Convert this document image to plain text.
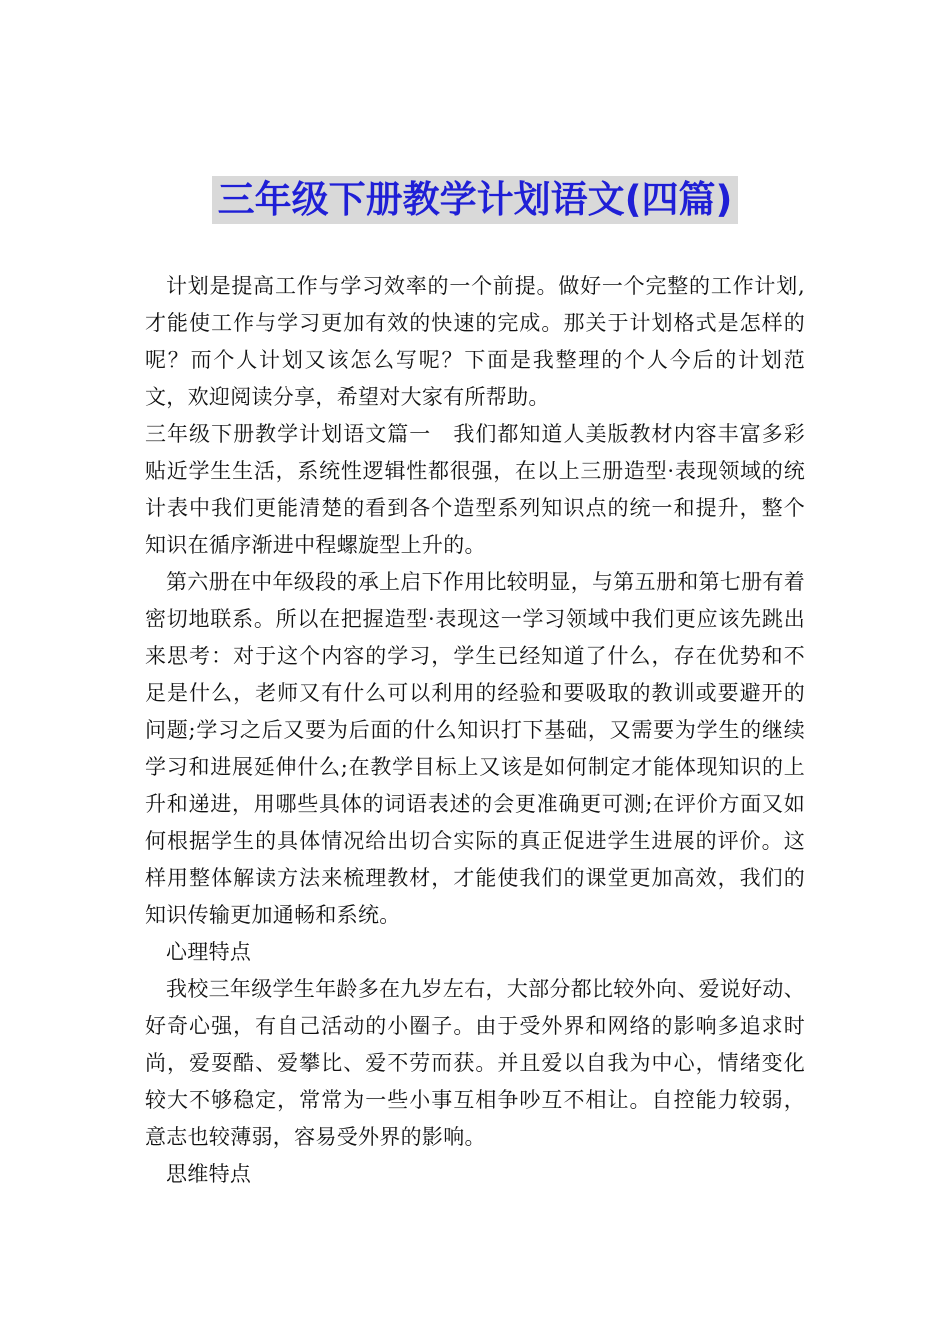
三年级下册教学计划语文(四篇)

计划是提高工作与学习效率的一个前提。做好一个完整的工作计划,才能使工作与学习更加有效的快速的完成。那关于计划格式是怎样的呢？而个人计划又该怎么写呢？下面是我整理的个人今后的计划范文，欢迎阅读分享，希望对大家有所帮助。

三年级下册教学计划语文篇一　我们都知道人美版教材内容丰富多彩贴近学生生活，系统性逻辑性都很强，在以上三册造型·表现领域的统计表中我们更能清楚的看到各个造型系列知识点的统一和提升，整个知识在循序渐进中程螺旋型上升的。

第六册在中年级段的承上启下作用比较明显，与第五册和第七册有着密切地联系。所以在把握造型·表现这一学习领域中我们更应该先跳出来思考：对于这个内容的学习，学生已经知道了什么，存在优势和不足是什么，老师又有什么可以利用的经验和要吸取的教训或要避开的问题;学习之后又要为后面的什么知识打下基础，又需要为学生的继续学习和进展延伸什么;在教学目标上又该是如何制定才能体现知识的上升和递进，用哪些具体的词语表述的会更准确更可测;在评价方面又如何根据学生的具体情况给出切合实际的真正促进学生进展的评价。这样用整体解读方法来梳理教材，才能使我们的课堂更加高效，我们的知识传输更加通畅和系统。

心理特点

我校三年级学生年龄多在九岁左右，大部分都比较外向、爱说好动、好奇心强，有自己活动的小圈子。由于受外界和网络的影响多追求时尚，爱耍酷、爱攀比、爱不劳而获。并且爱以自我为中心，情绪变化较大不够稳定，常常为一些小事互相争吵互不相让。自控能力较弱，意志也较薄弱，容易受外界的影响。

思维特点
